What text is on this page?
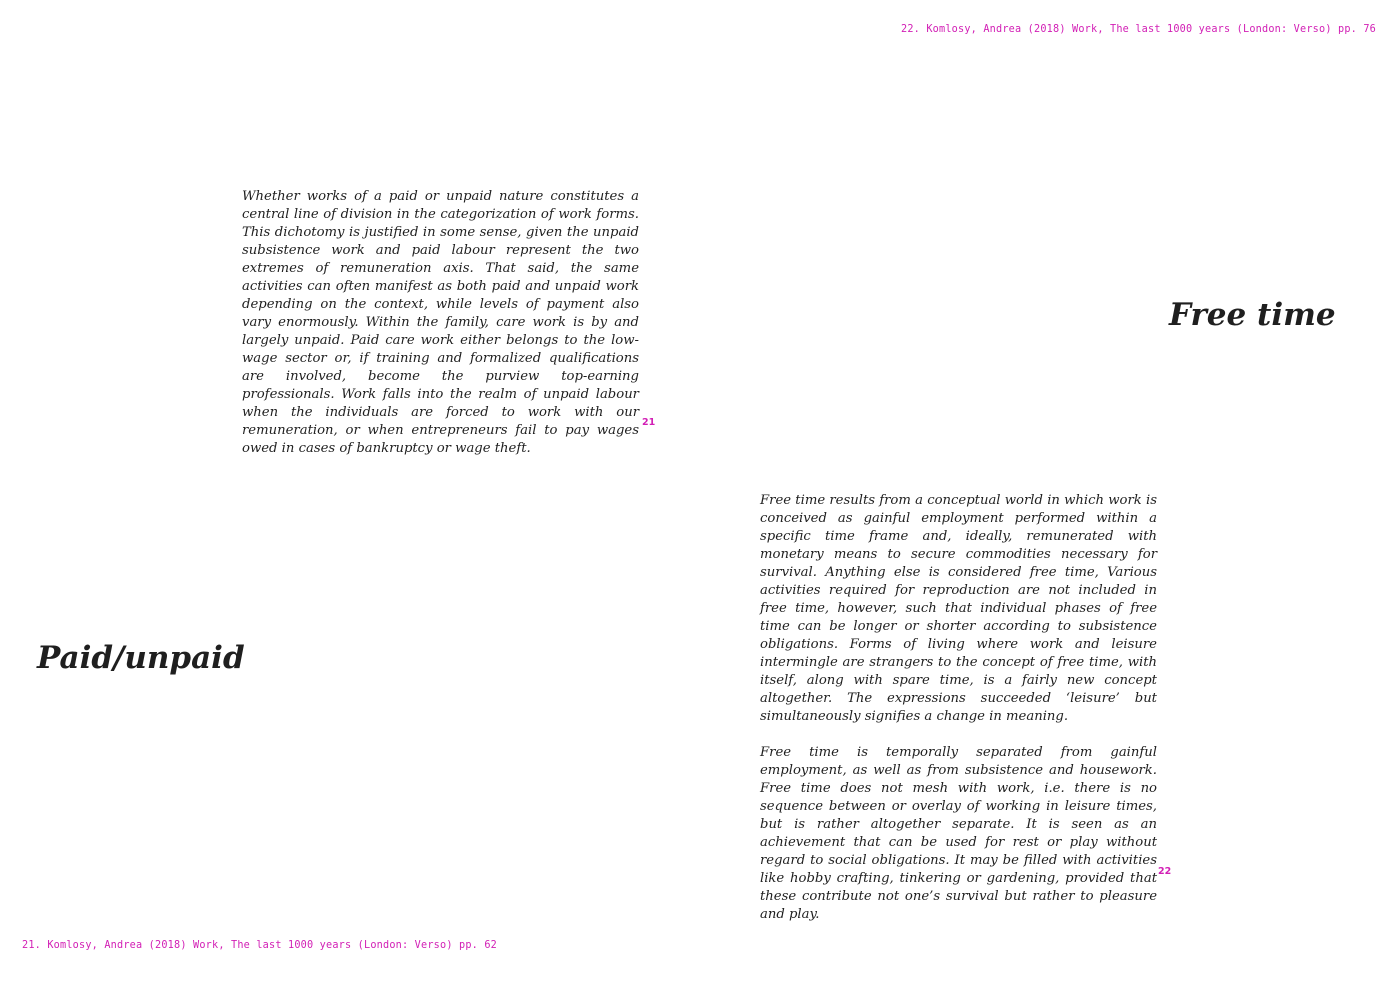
22. Komlosy, Andrea (2018) Work, The last 1000 years (London: Verso) pp. 76
Paid/unpaid

Whether works of a paid or unpaid nature constitutes a central line of division in the categorization of work forms. This dichotomy is justified in some sense, given the unpaid subsistence work and paid labour represent the two extremes of remuneration axis. That said, the same activities can often manifest as both paid and unpaid work depending on the context, while levels of payment also vary enormously. Within the family, care work is by and largely unpaid. Paid care work either belongs to the low-wage sector or, if training and formalized qualifications are involved, become the purview top-earning professionals. Work falls into the realm of unpaid labour when the individuals are forced to work with our remuneration, or when entrepreneurs fail to pay wages owed in cases of bankruptcy or wage theft.

21
Free time

Free time results from a conceptual world in which work is conceived as gainful employment performed within a specific time frame and, ideally, remunerated with monetary means to secure commodities necessary for survival. Anything else is considered free time, Various activities required for reproduction are not included in free time, however, such that individual phases of free time can be longer or shorter according to subsistence obligations. Forms of living where work and leisure intermingle are strangers to the concept of free time, with itself, along with spare time, is a fairly new concept altogether. The expressions succeeded ‘leisure’ but simultaneously signifies a change in meaning.

Free time is temporally separated from gainful employment, as well as from subsistence and housework. Free time does not mesh with work, i.e. there is no sequence between or overlay of working in leisure times, but is rather altogether separate. It is seen as an achievement that can be used for rest or play without regard to social obligations. It may be filled with activities like hobby crafting, tinkering or gardening, provided that these contribute not one’s survival but rather to pleasure and play.

22
21. Komlosy, Andrea (2018) Work, The last 1000 years (London: Verso) pp. 62
